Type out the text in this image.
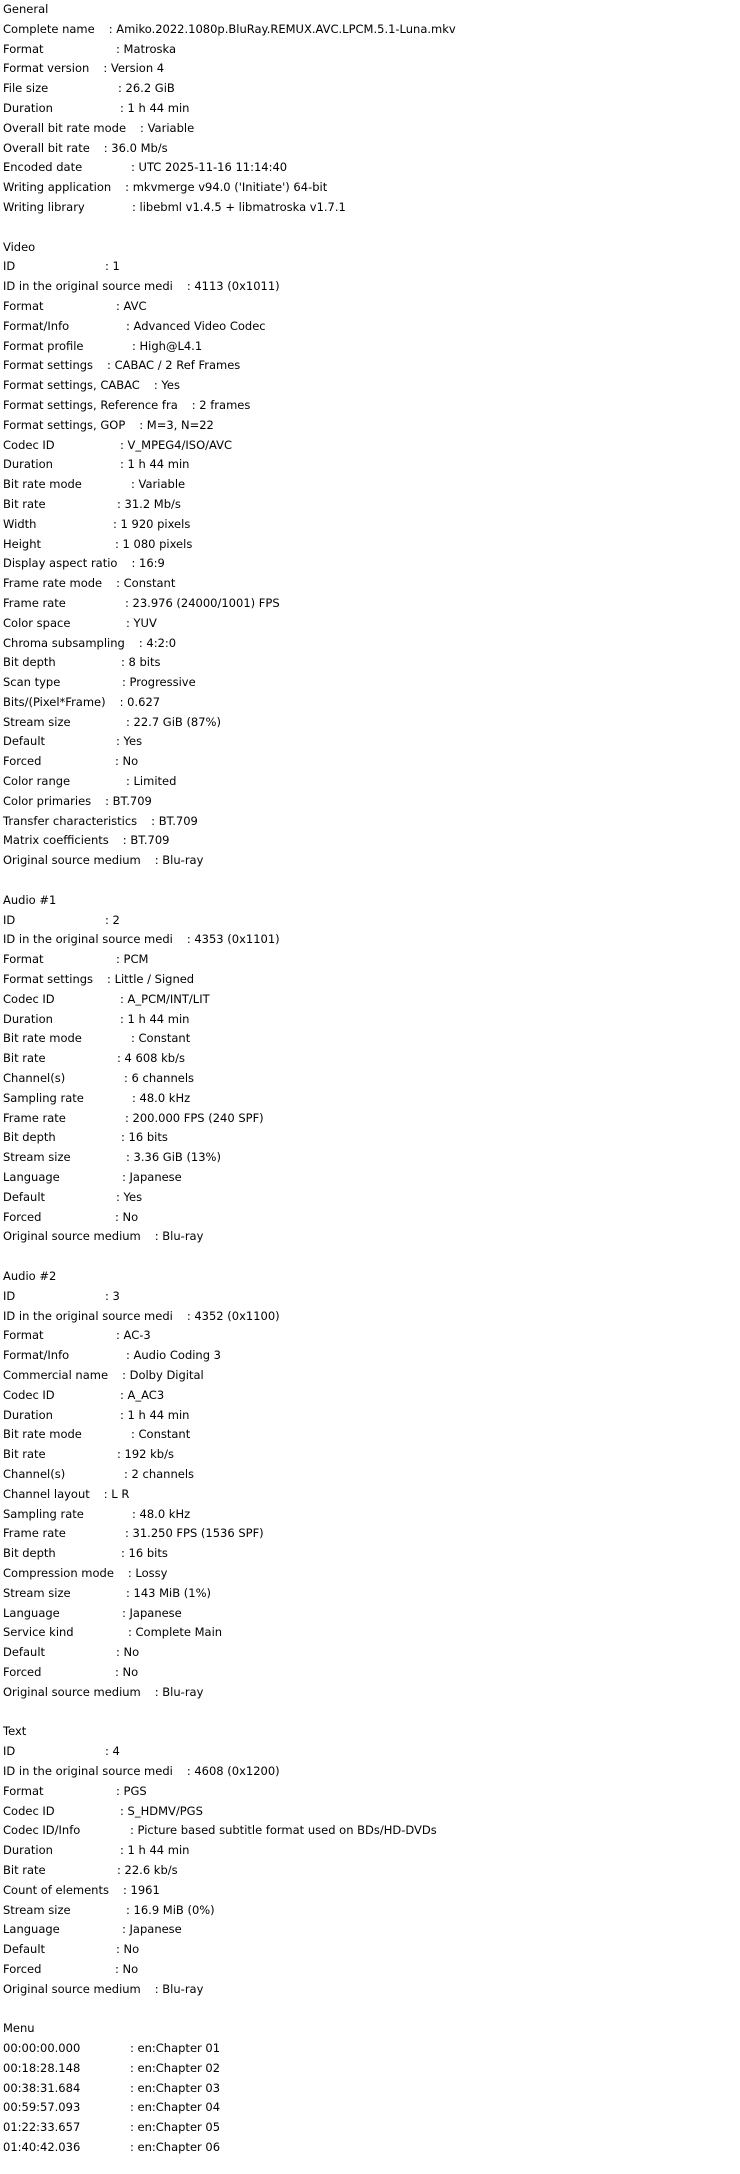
General
Complete name : Amiko.2022.1080p.BluRay.REMUX.AVC.LPCM.5.1-Luna.mkv
Format	: Matroska
Format version : Version 4
File size	: 26.2 GiB
Duration	: 1 h 44 min
Overall bit rate mode : Variable
Overall bit rate : 36.0 Mb/s
Encoded date	: UTC 2025-11-16 11:14:40
Writing application : mkvmerge v94.0 ('Initiate') 64-bit
Writing library	: libebml v1.4.5 + libmatroska v1.7.1
Video
ID	: 1
ID in the original source medi : 4113 (0x1011)
Format	: AVC
Format/Info	: Advanced Video Codec
Format profile	: High@L4.1
Format settings : CABAC / 2 Ref Frames
Format settings, CABAC : Yes
Format settings, Reference fra : 2 frames
Format settings, GOP : M=3, N=22
Codec ID	: V_MPEG4/ISO/AVC
Duration	: 1 h 44 min
Bit rate mode	: Variable
Bit rate	: 31.2 Mb/s
Width	: 1 920 pixels
Height	: 1 080 pixels
Display aspect ratio : 16:9
Frame rate mode : Constant
Frame rate	: 23.976 (24000/1001) FPS
Color space	: YUV
Chroma subsampling : 4:2:0
Bit depth	: 8 bits
Scan type	: Progressive
Bits/(Pixel*Frame) : 0.627
Stream size	: 22.7 GiB (87%)
Default	: Yes
Forced	: No
Color range	: Limited
Color primaries : BT.709
Transfer characteristics : BT.709
Matrix coefficients : BT.709
Original source medium : Blu-ray
Audio #1
ID	: 2
ID in the original source medi : 4353 (0x1101)
Format	: PCM
Format settings : Little / Signed
Codec ID	: A_PCM/INT/LIT
Duration	: 1 h 44 min
Bit rate mode	: Constant
Bit rate	: 4 608 kb/s
Channel(s)	: 6 channels
Sampling rate	: 48.0 kHz
Frame rate	: 200.000 FPS (240 SPF)
Bit depth	: 16 bits
Stream size	: 3.36 GiB (13%)
Language	: Japanese
Default	: Yes
Forced	: No
Original source medium : Blu-ray
Audio #2
ID	: 3
ID in the original source medi : 4352 (0x1100)
Format	: AC-3
Format/Info	: Audio Coding 3
Commercial name : Dolby Digital
Codec ID	: A_AC3
Duration	: 1 h 44 min
Bit rate mode	: Constant
Bit rate	: 192 kb/s
Channel(s)	: 2 channels
Channel layout : L R
Sampling rate	: 48.0 kHz
Frame rate	: 31.250 FPS (1536 SPF)
Bit depth	: 16 bits
Compression mode : Lossy
Stream size	: 143 MiB (1%)
Language	: Japanese
Service kind	: Complete Main
Default	: No
Forced	: No
Original source medium : Blu-ray
Text
ID	: 4
ID in the original source medi : 4608 (0x1200)
Format	: PGS
Codec ID	: S_HDMV/PGS
Codec ID/Info	: Picture based subtitle format used on BDs/HD-DVDs
Duration	: 1 h 44 min
Bit rate	: 22.6 kb/s
Count of elements : 1961
Stream size	: 16.9 MiB (0%)
Language	: Japanese
Default	: No
Forced	: No
Original source medium : Blu-ray
Menu
00:00:00.000	: en:Chapter 01
00:18:28.148	: en:Chapter 02
00:38:31.684	: en:Chapter 03
00:59:57.093	: en:Chapter 04
01:22:33.657	: en:Chapter 05
01:40:42.036	: en:Chapter 06
